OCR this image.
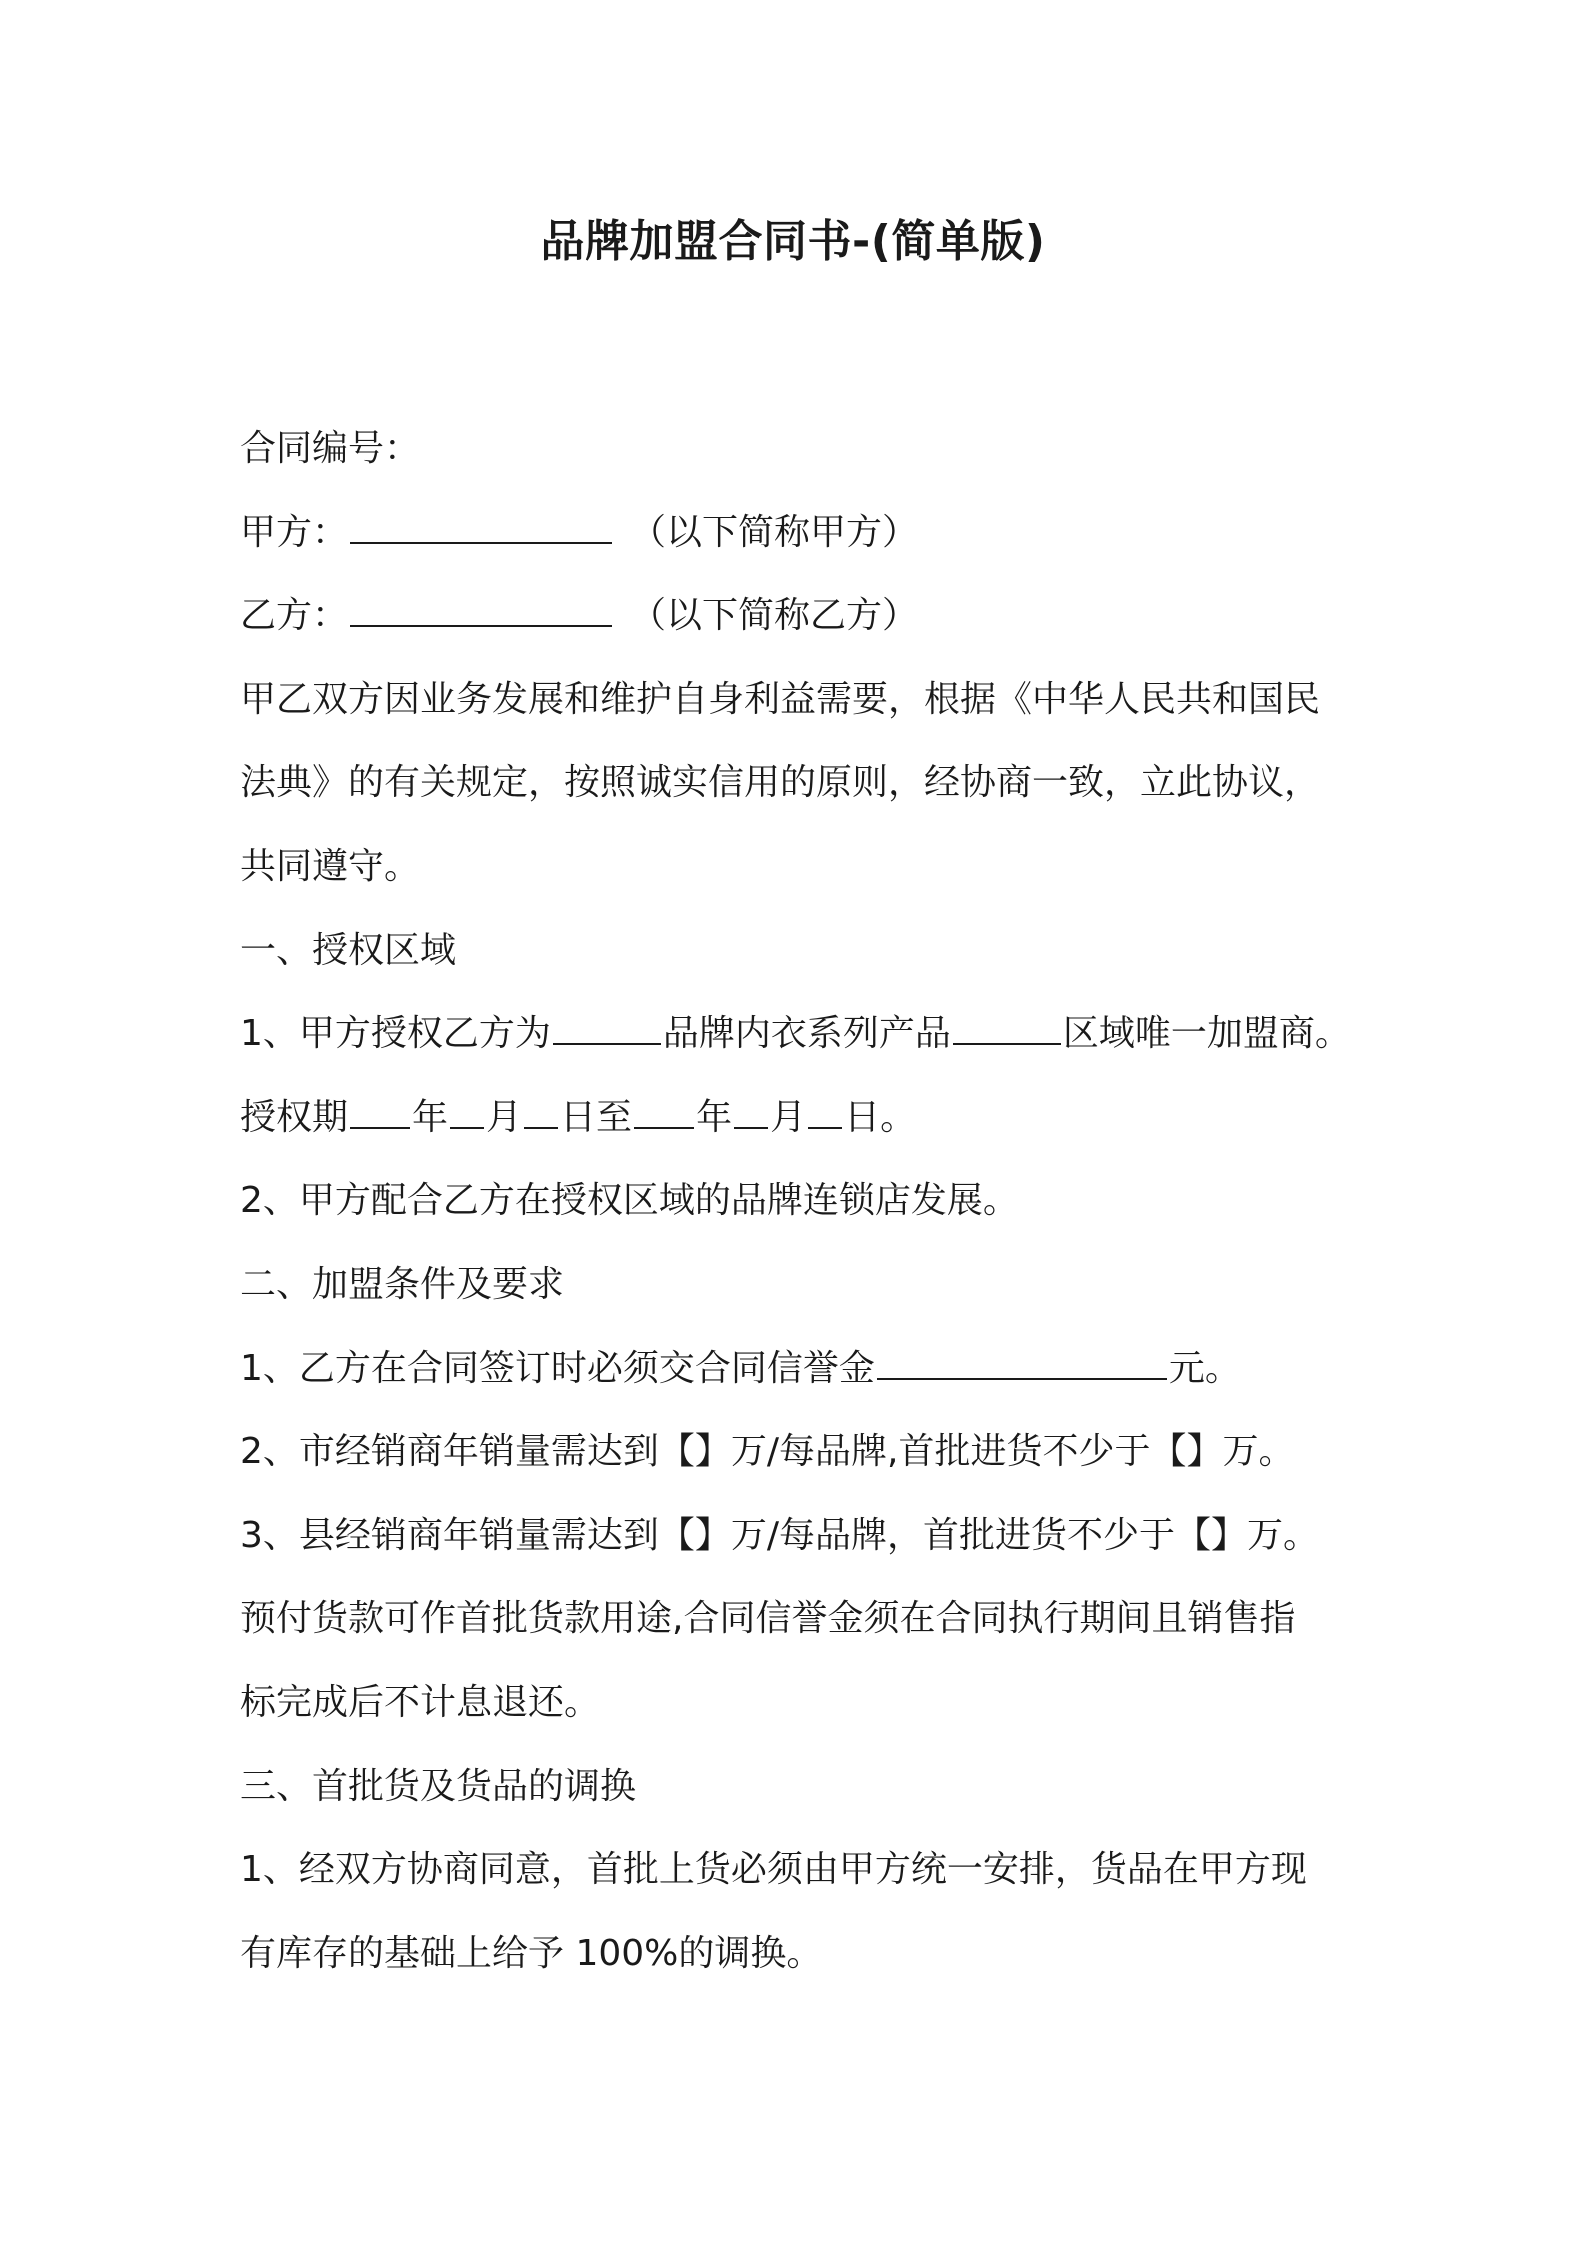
品牌加盟合同书-(简单版)
合同编号：
甲方：	（以下简称甲方）
乙方：	（以下简称乙方）
甲乙双方因业务发展和维护自身利益需要，根据《中华人民共和国民
法典》的有关规定，按照诚实信用的原则，经协商一致，立此协议，
共同遵守。
一、授权区域
1、甲方授权乙方为	品牌内衣系列产品	区域唯一加盟商。
授权期 年 月 日至 年 月 日。
2、甲方配合乙方在授权区域的品牌连锁店发展。
二、加盟条件及要求
1、乙方在合同签订时必须交合同信誉金	元。
2、市经销商年销量需达到【】万/每品牌,首批进货不少于【】万。
3、县经销商年销量需达到【】万/每品牌，首批进货不少于【】万。
预付货款可作首批货款用途,合同信誉金须在合同执行期间且销售指
标完成后不计息退还。
三、首批货及货品的调换
1、经双方协商同意，首批上货必须由甲方统一安排，货品在甲方现
有库存的基础上给予 100%的调换。
